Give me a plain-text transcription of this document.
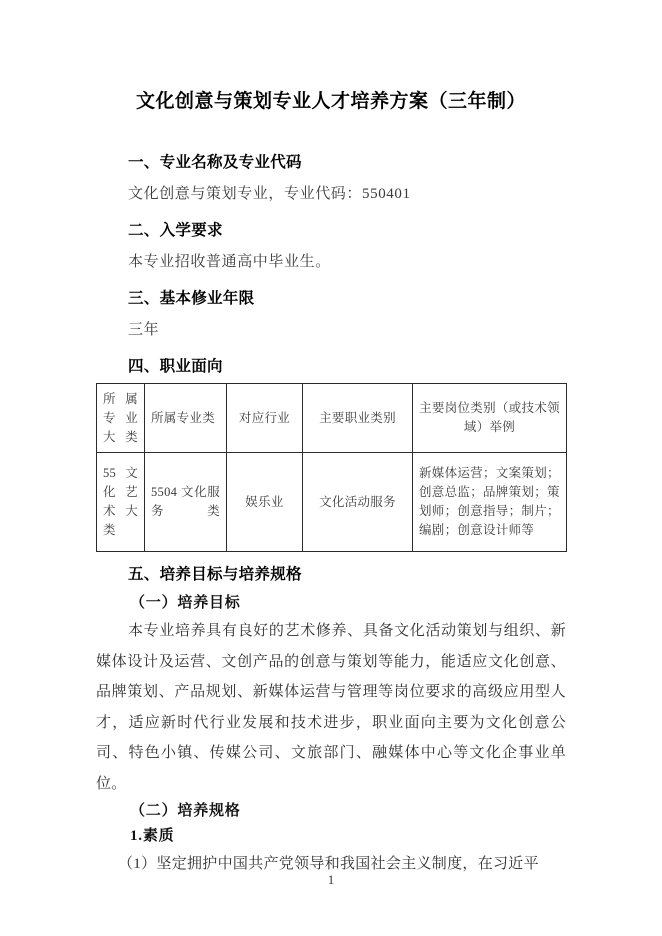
文化创意与策划专业人才培养方案（三年制）
一、专业名称及专业代码

文化创意与策划专业，专业代码：550401

二、入学要求

本专业招收普通高中毕业生。

三、基本修业年限

三年

四、职业面向
所属专业大类	所属专业类	对应行业	主要职业类别	主要岗位类别（或技术领域）举例
55 文化艺术大类	5504 文化服务类	娱乐业	文化活动服务	新媒体运营；文案策划；创意总监；品牌策划；策划师；创意指导；制片；编剧；创意设计师等
五、培养目标与培养规格
（一）培养目标

本专业培养具有良好的艺术修养、具备文化活动策划与组织、新媒体设计及运营、文创产品的创意与策划等能力，能适应文化创意、品牌策划、产品规划、新媒体运营与管理等岗位要求的高级应用型人才，适应新时代行业发展和技术进步，职业面向主要为文化创意公司、特色小镇、传媒公司、文旅部门、融媒体中心等文化企事业单位。

（二）培养规格
1.素质

（1）坚定拥护中国共产党领导和我国社会主义制度，在习近平

1
